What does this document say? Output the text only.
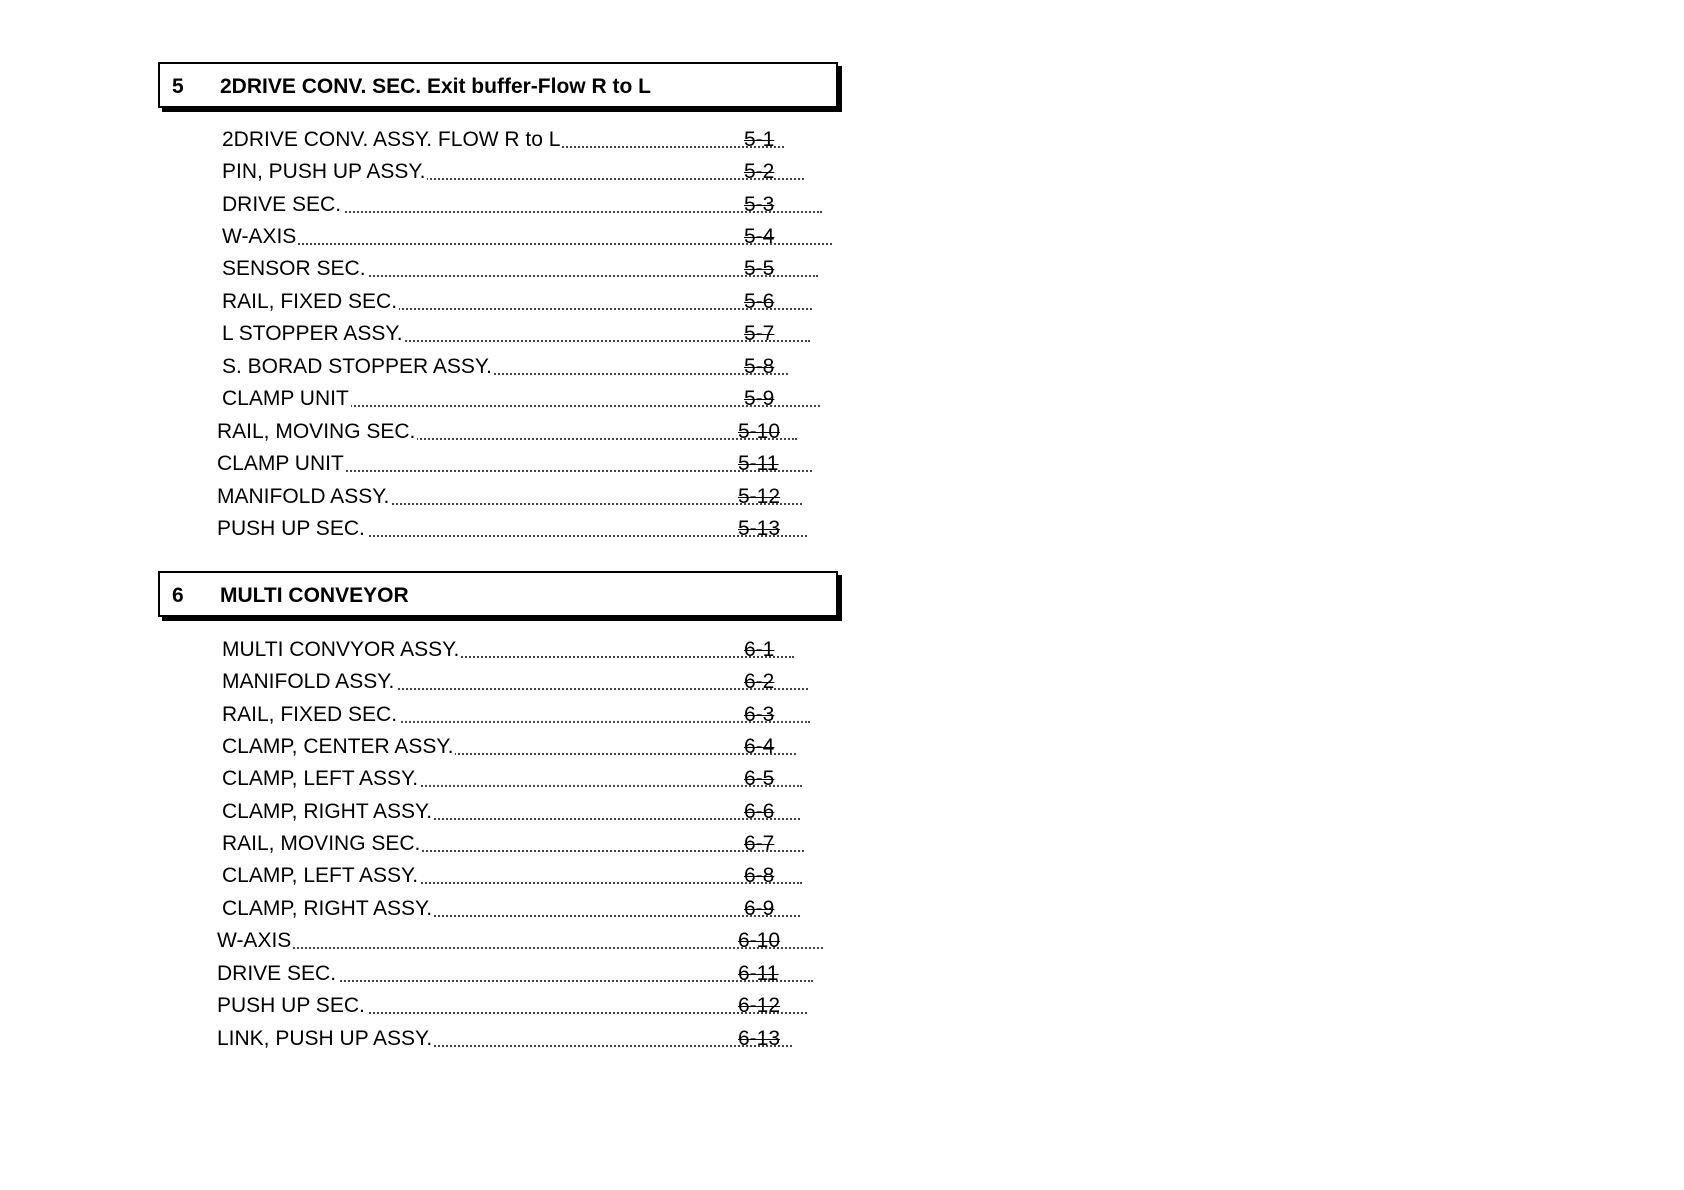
5 2DRIVE CONV. SEC. Exit buffer-Flow R to L
2DRIVE CONV. ASSY. FLOW R to L	5-1
PIN, PUSH UP ASSY.	5-2
DRIVE SEC.	5-3
W-AXIS	5-4
SENSOR SEC.	5-5
RAIL, FIXED SEC.	5-6
L STOPPER ASSY.	5-7
S. BORAD STOPPER ASSY.	5-8
CLAMP UNIT	5-9
RAIL, MOVING SEC.	5-10
CLAMP UNIT	5-11
MANIFOLD ASSY.	5-12
PUSH UP SEC.	5-13
6 MULTI CONVEYOR
MULTI CONVYOR ASSY.	6-1
MANIFOLD ASSY.	6-2
RAIL, FIXED SEC.	6-3
CLAMP, CENTER ASSY.	6-4
CLAMP, LEFT ASSY.	6-5
CLAMP, RIGHT ASSY.	6-6
RAIL, MOVING SEC.	6-7
CLAMP, LEFT ASSY.	6-8
CLAMP, RIGHT ASSY.	6-9
W-AXIS	6-10
DRIVE SEC.	6-11
PUSH UP SEC.	6-12
LINK, PUSH UP ASSY.	6-13
